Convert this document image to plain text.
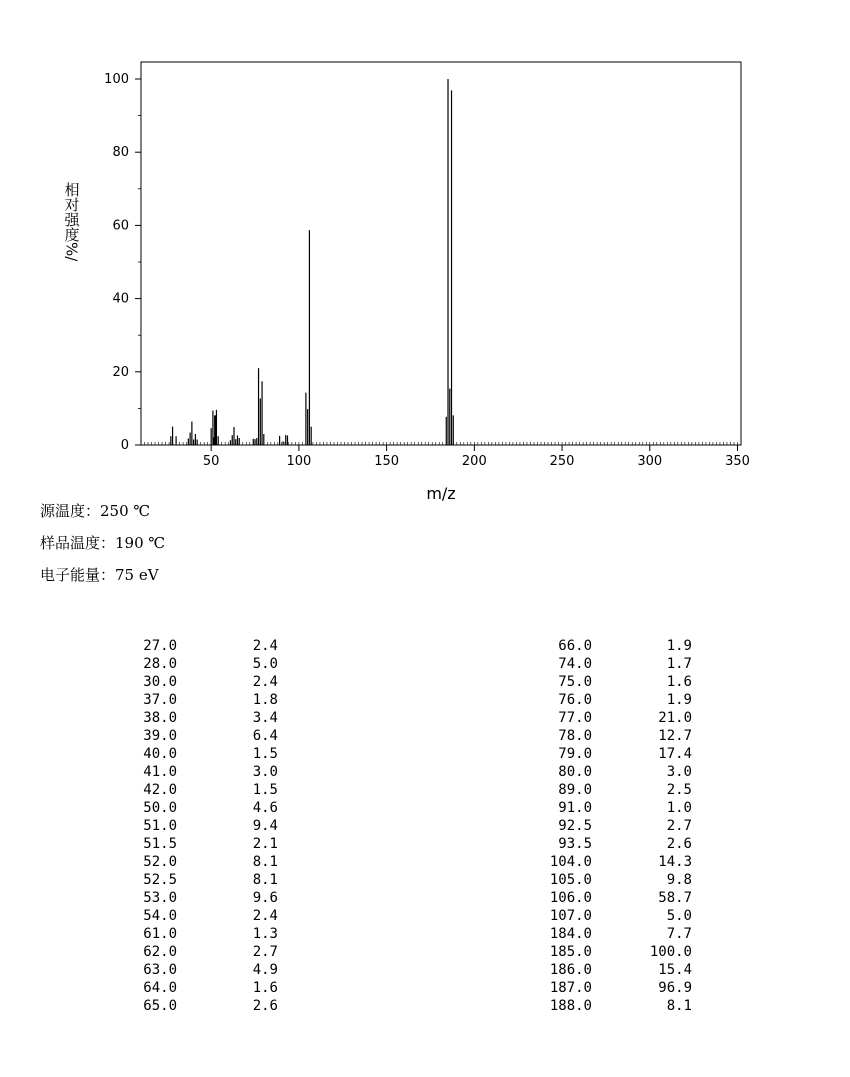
50	100	150	200	250	300	350
0
20
40
60
80
100
m/z
相对强度%/
源温度：250 ℃
样品温度：190 ℃
电子能量：75 eV
27.0	2.4
28.0	5.0
30.0	2.4
37.0	1.8
38.0	3.4
39.0	6.4
40.0	1.5
41.0	3.0
42.0	1.5
50.0	4.6
51.0	9.4
51.5	2.1
52.0	8.1
52.5	8.1
53.0	9.6
54.0	2.4
61.0	1.3
62.0	2.7
63.0	4.9
64.0	1.6
65.0	2.6
66.0	1.9
74.0	1.7
75.0	1.6
76.0	1.9
77.0	21.0
78.0	12.7
79.0	17.4
80.0	3.0
89.0	2.5
91.0	1.0
92.5	2.7
93.5	2.6
104.0	14.3
105.0	9.8
106.0	58.7
107.0	5.0
184.0	7.7
185.0	100.0
186.0	15.4
187.0	96.9
188.0	8.1
